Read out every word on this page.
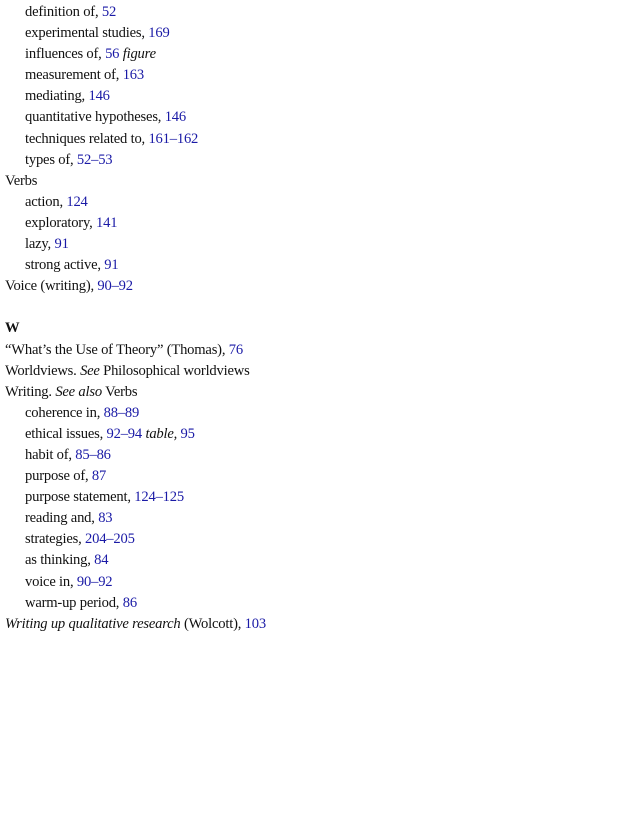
definition of, 52
experimental studies, 169
influences of, 56 figure
measurement of, 163
mediating, 146
quantitative hypotheses, 146
techniques related to, 161–162
types of, 52–53
Verbs
action, 124
exploratory, 141
lazy, 91
strong active, 91
Voice (writing), 90–92
W
“What’s the Use of Theory” (Thomas), 76
Worldviews. See Philosophical worldviews
Writing. See also Verbs
coherence in, 88–89
ethical issues, 92–94 table, 95
habit of, 85–86
purpose of, 87
purpose statement, 124–125
reading and, 83
strategies, 204–205
as thinking, 84
voice in, 90–92
warm-up period, 86
Writing up qualitative research (Wolcott), 103
